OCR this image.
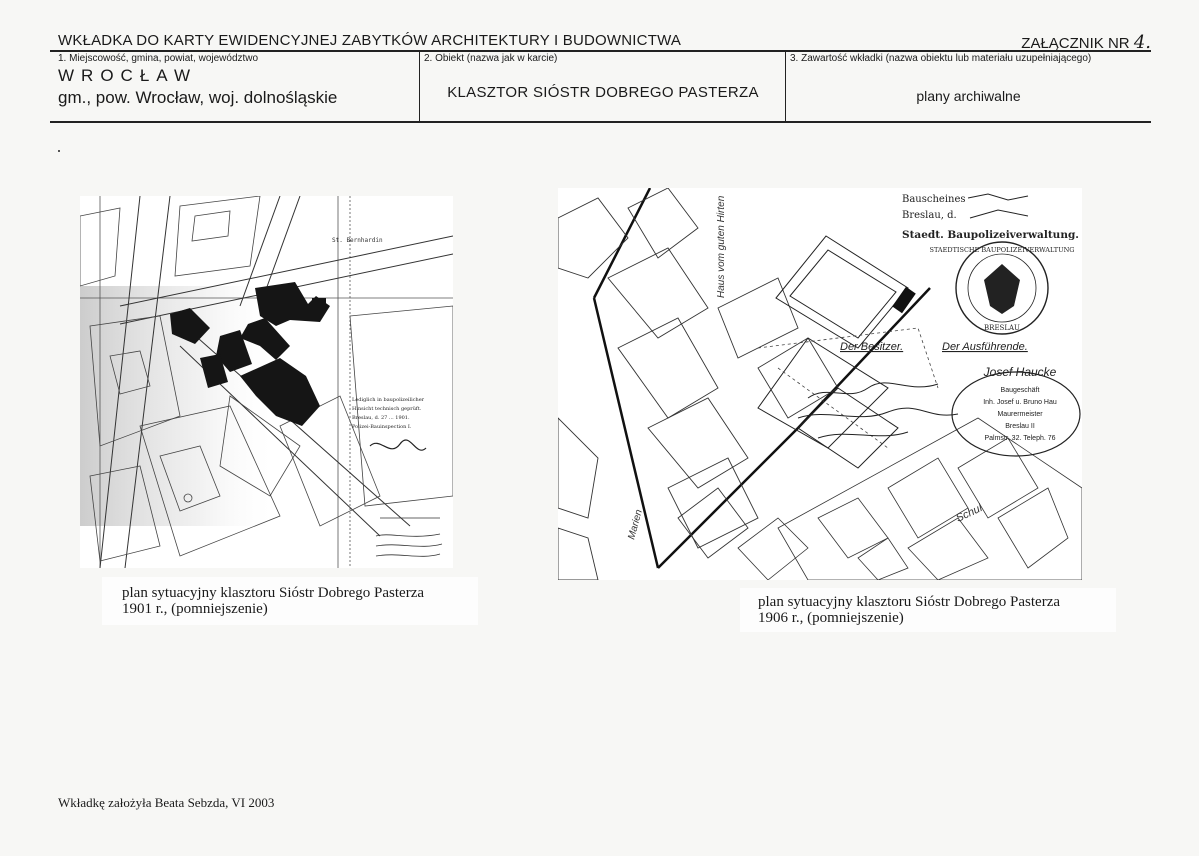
WKŁADKA DO KARTY EWIDENCYJNEJ ZABYTKÓW ARCHITEKTURY I BUDOWNICTWA	ZAŁĄCZNIK NR 4.
1. Miejscowość, gmina, powiat, województwo
WROCŁAW
gm., pow. Wrocław, woj. dolnośląskie
2. Obiekt (nazwa jak w karcie)
KLASZTOR SIÓSTR DOBREGO PASTERZA
3. Zawartość wkładki (nazwa obiektu lub materiału uzupełniającego)
plany archiwalne
St. Bernhardin
Lediglich in baupolizeilicher
Hinsicht technisch geprüft.
Breslau, d. 27 ... 1901.
Polizei-Bauinspection I.
plan sytuacyjny klasztoru Sióstr Dobrego Pasterza
1901 r., (pomniejszenie)
Haus vom guten Hirten
Marien	Schul
Bauscheines
Breslau, d.
Staedt. Baupolizeiverwaltung.
STAEDTISCHE BAUPOLIZEIVERWALTUNG
BRESLAU
Der Besitzer.	Der Ausführende.
Josef Haucke
Baugeschäft
Inh. Josef u. Bruno Hau
Maurermeister
Breslau II
Palmstr. 32. Teleph. 76
plan sytuacyjny klasztoru Sióstr Dobrego Pasterza
1906 r., (pomniejszenie)
Wkładkę założyła Beata Sebzda, VI 2003
